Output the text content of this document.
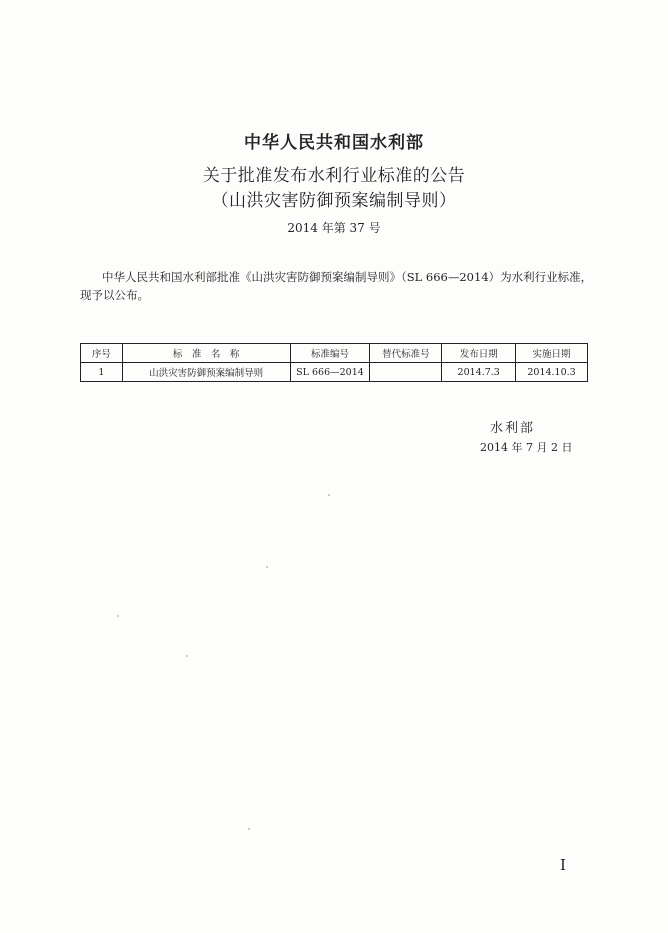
中华人民共和国水利部
关于批准发布水利行业标准的公告
（山洪灾害防御预案编制导则）
2014 年第 37 号
中华人民共和国水利部批准《山洪灾害防御预案编制导则》（SL 666—2014）为水利行业标准，
现予以公布。
序号	标　准　名　称	标准编号	替代标准号	发布日期	实施日期
1	山洪灾害防御预案编制导则	SL 666—2014		2014.7.3	2014.10.3
水利部
2014 年 7 月 2 日
I
